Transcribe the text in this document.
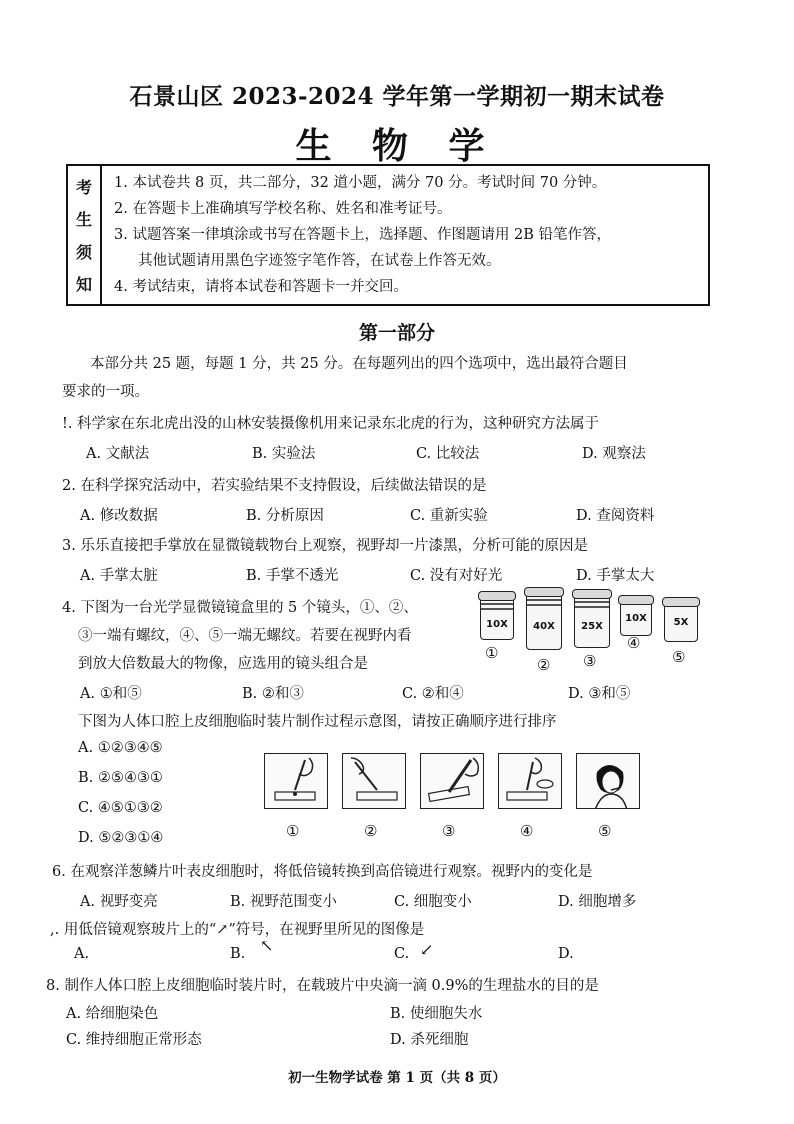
石景山区 2023-2024 学年第一学期初一期末试卷
生 物 学
考
生
须
知
1. 本试卷共 8 页，共二部分，32 道小题，满分 70 分。考试时间 70 分钟。
2. 在答题卡上准确填写学校名称、姓名和准考证号。
3. 试题答案一律填涂或书写在答题卡上，选择题、作图题请用 2B 铅笔作答，
其他试题请用黑色字迹签字笔作答，在试卷上作答无效。
4. 考试结束，请将本试卷和答题卡一并交回。
第一部分
本部分共 25 题，每题 1 分，共 25 分。在每题列出的四个选项中，选出最符合题目
要求的一项。
!. 科学家在东北虎出没的山林安装摄像机用来记录东北虎的行为，这种研究方法属于
A. 文献法	B. 实验法	C. 比较法	D. 观察法
2. 在科学探究活动中，若实验结果不支持假设，后续做法错误的是
A. 修改数据	B. 分析原因	C. 重新实验	D. 查阅资料
3. 乐乐直接把手掌放在显微镜载物台上观察，视野却一片漆黑，分析可能的原因是
A. 手掌太脏	B. 手掌不透光	C. 没有对好光	D. 手掌太大
4. 下图为一台光学显微镜镜盒里的 5 个镜头，①、②、
③一端有螺纹，④、⑤一端无螺纹。若要在视野内看
到放大倍数最大的物像，应选用的镜头组合是
A. ①和⑤	B. ②和③	C. ②和④	D. ③和⑤
10X	40X	25X
10X	5X
①
② ③
④
⑤
下图为人体口腔上皮细胞临时装片制作过程示意图，请按正确顺序进行排序
A. ①②③④⑤
B. ②⑤④③①
C. ④⑤①③②
D. ⑤②③①④	①	②	③	④	⑤
6. 在观察洋葱鳞片叶表皮细胞时，将低倍镜转换到高倍镜进行观察。视野内的变化是
A. 视野变亮	B. 视野范围变小	C. 细胞变小	D. 细胞增多
,. 用低倍镜观察玻片上的“↗”符号，在视野里所见的图像是
A.	B.	C.	D.
↖	↙
8. 制作人体口腔上皮细胞临时装片时，在载玻片中央滴一滴 0.9%的生理盐水的目的是
A. 给细胞染色	B. 使细胞失水
C. 维持细胞正常形态	D. 杀死细胞
初一生物学试卷 第 1 页（共 8 页）
